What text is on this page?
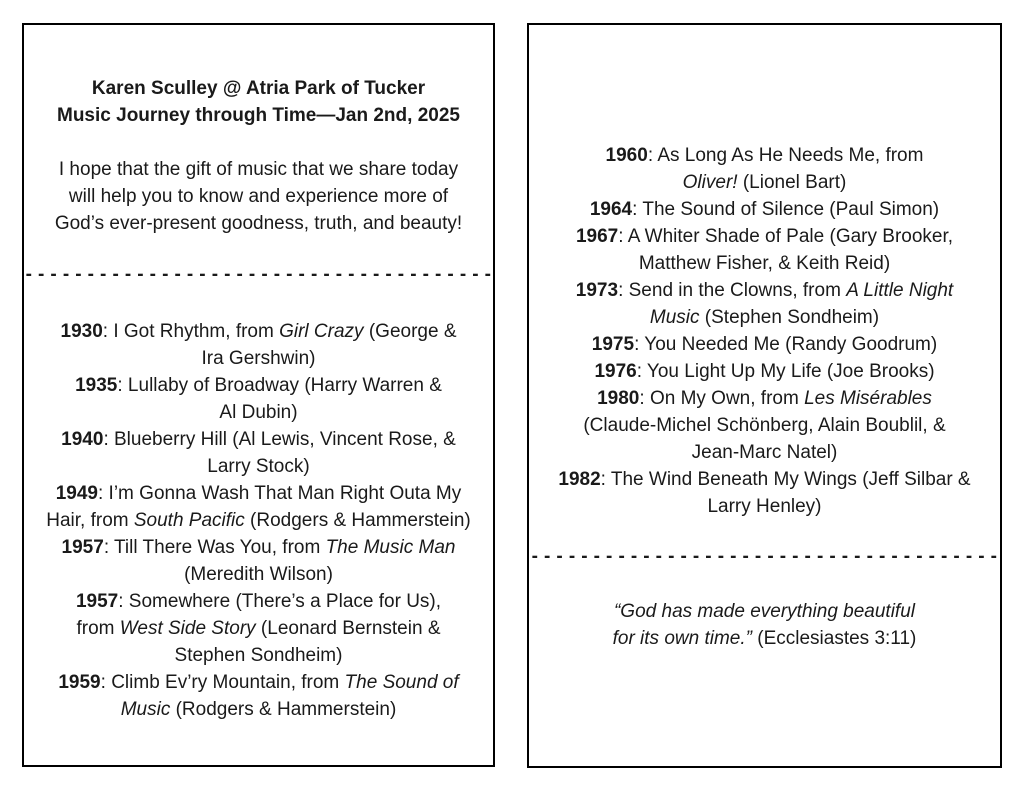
Karen Sculley @ Atria Park of Tucker
Music Journey through Time—Jan 2nd, 2025
I hope that the gift of music that we share today
will help you to know and experience more of
God’s ever-present goodness, truth, and beauty!
- - - - - - - - - - - - - - - - - - - - - - - - - - - - - - - - - - - - - -
1930: I Got Rhythm, from Girl Crazy (George &
Ira Gershwin)
1935: Lullaby of Broadway (Harry Warren &
Al Dubin)
1940: Blueberry Hill (Al Lewis, Vincent Rose, &
Larry Stock)
1949: I’m Gonna Wash That Man Right Outa My
Hair, from South Pacific (Rodgers & Hammerstein)
1957: Till There Was You, from The Music Man
(Meredith Wilson)
1957: Somewhere (There’s a Place for Us),
from West Side Story (Leonard Bernstein &
Stephen Sondheim)
1959: Climb Ev’ry Mountain, from The Sound of
Music (Rodgers & Hammerstein)
1960: As Long As He Needs Me, from
Oliver! (Lionel Bart)
1964: The Sound of Silence (Paul Simon)
1967: A Whiter Shade of Pale (Gary Brooker,
Matthew Fisher, & Keith Reid)
1973: Send in the Clowns, from A Little Night
Music (Stephen Sondheim)
1975: You Needed Me (Randy Goodrum)
1976: You Light Up My Life (Joe Brooks)
1980: On My Own, from Les Misérables
(Claude-Michel Schönberg, Alain Boublil, &
Jean-Marc Natel)
1982: The Wind Beneath My Wings (Jeff Silbar &
Larry Henley)
- - - - - - - - - - - - - - - - - - - - - - - - - - - - - - - - - - - - - -
“God has made everything beautiful
for its own time.” (Ecclesiastes 3:11)
